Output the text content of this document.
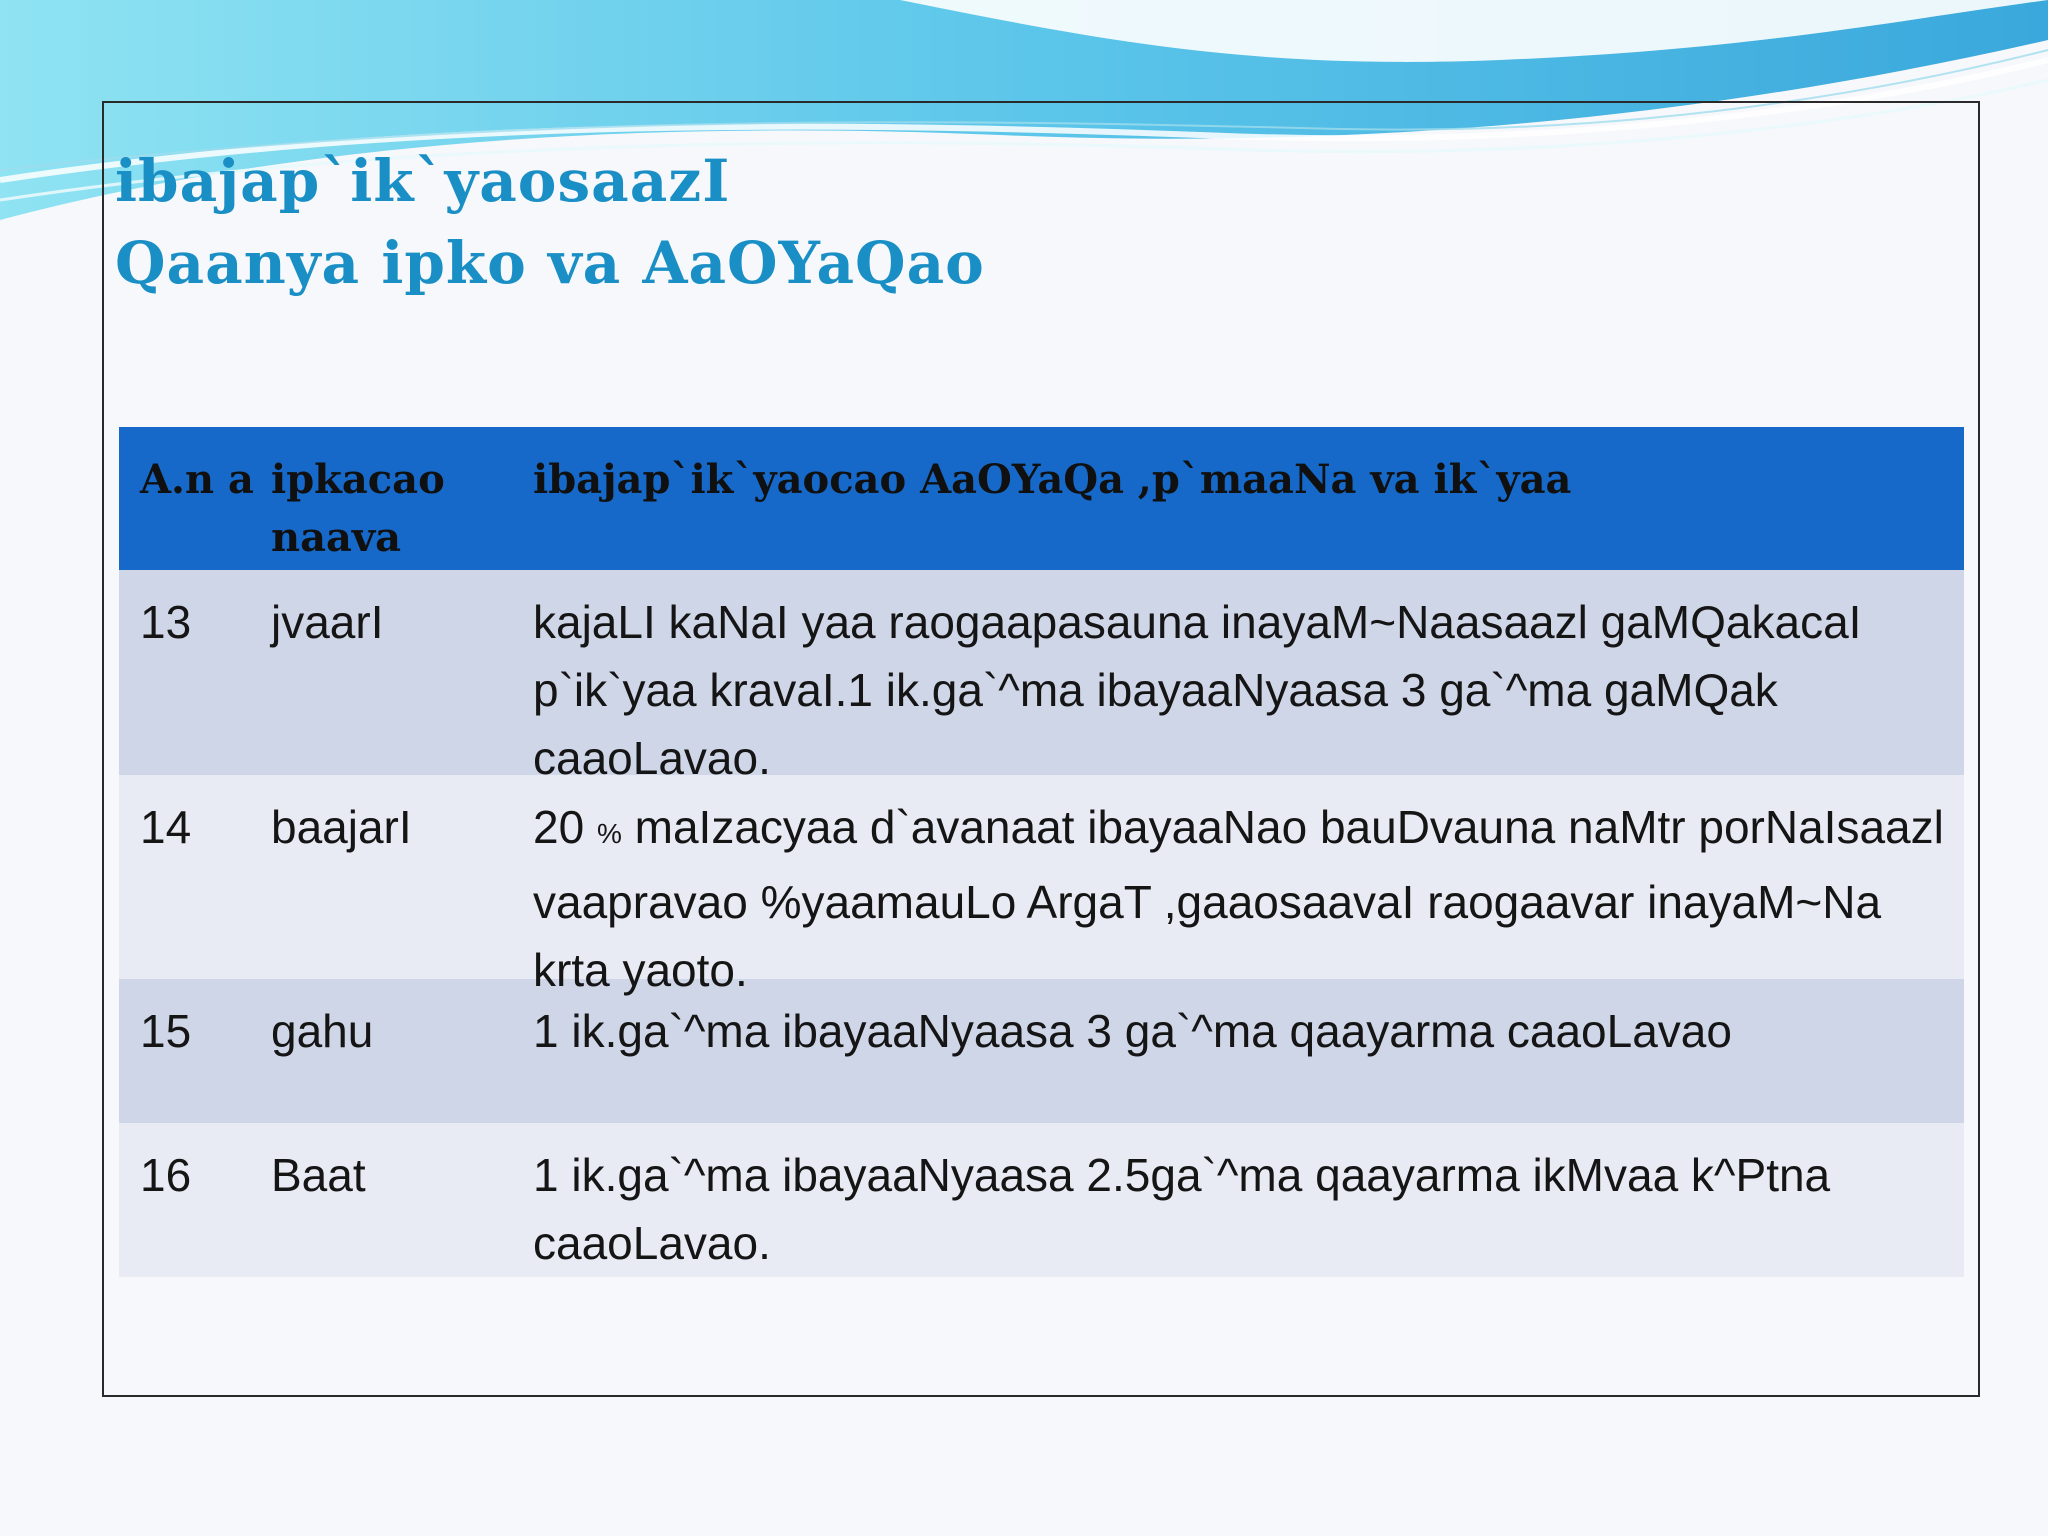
ibajap`ik`yaosaazI
Qaanya ipko va AaOYaQao
A.n a	ipkacao naava	ibajap`ik`yaocao AaOYaQa ,p`maaNa va ik`yaa
13	jvaarI	kajaLI kaNaI yaa raogaapasauna inayaM~Naasaazl gaMQakacaI p`ik`yaa kravaI.1 ik.ga`^ma ibayaaNyaasa 3 ga`^ma gaMQak caaoLavao.

14	baajarI	20 % maIzacyaa d`avanaat ibayaaNao bauDvauna naMtr porNaIsaazl vaapravao %yaamauLo ArgaT ,gaaosaavaI raogaavar inayaM~Na krta yaoto.

15	gahu	1 ik.ga`^ma ibayaaNyaasa 3 ga`^ma qaayarma caaoLavao
16	Baat	1 ik.ga`^ma ibayaaNyaasa 2.5ga`^ma qaayarma ikMvaa k^Ptna caaoLavao.
